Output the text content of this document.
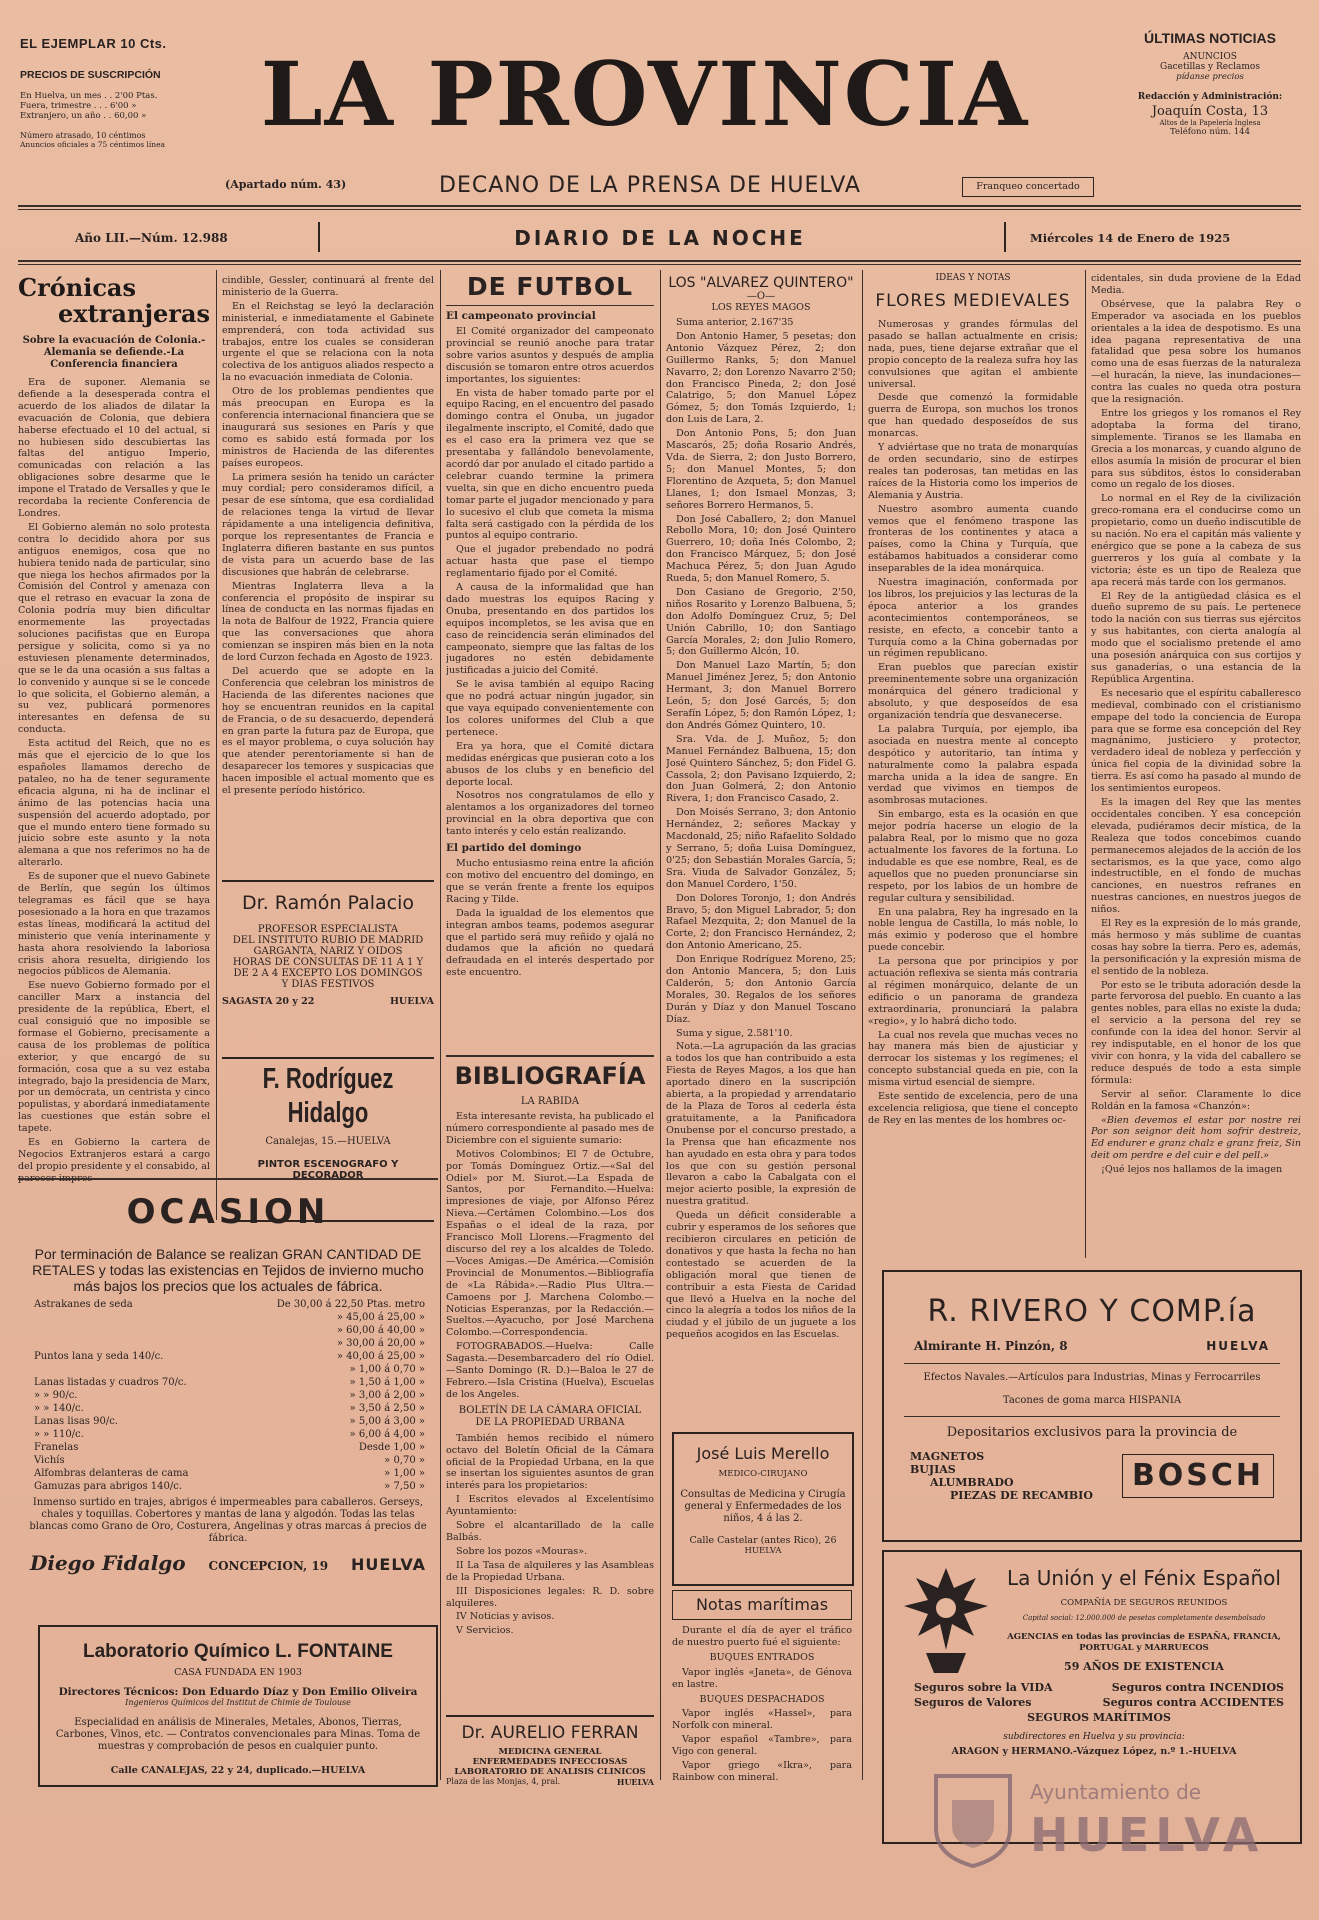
EL EJEMPLAR 10 Cts.
PRECIOS DE SUSCRIPCIÓN
En Huelva, un mes . . 2'00 Ptas.
Fuera, trimestre . . . 6'00 »
Extranjero, un año . . 60,00 »
Número atrasado, 10 céntimos
Anuncios oficiales a 75 céntimos línea	LA PROVINCIA
(Apartado núm. 43)	DECANO DE LA PRENSA DE HUELVA	Franqueo concertado
ÚLTIMAS NOTICIAS
ANUNCIOS
Gacetillas y Reclamos
pídanse precios
Redacción y Administración:
Joaquín Costa, 13
Altos de la Papelería Inglesa
Teléfono núm. 144
Año LII.—Núm. 12.988	DIARIO DE LA NOCHE	Miércoles 14 de Enero de 1925
Crónicas
extranjeras
Sobre la evacuación de Colonia.- Alemania se defiende.-La Conferencia financiera

Era de suponer. Alemania se defiende a la desesperada contra el acuerdo de los aliados de dilatar la evacuación de Colonia, que debiera haberse efectuado el 10 del actual, si no hubiesen sido descubiertas las faltas del antiguo Imperio, comunicadas con relación a las obligaciones sobre desarme que le impone el Tratado de Versalles y que le recordaba la reciente Conferencia de Londres.

El Gobierno alemán no solo protesta contra lo decidido ahora por sus antiguos enemigos, cosa que no hubiera tenido nada de particular, sino que niega los hechos afirmados por la Comisión del Control y amenaza con que el retraso en evacuar la zona de Colonia podría muy bien dificultar enormemente las proyectadas soluciones pacifistas que en Europa persigue y solicita, como si ya no estuviesen plenamente determinados, que se le da una ocasión a sus faltas a lo convenido y aunque si se le concede lo que solicita, el Gobierno alemán, a su vez, publicará pormenores interesantes en defensa de su conducta.

Esta actitud del Reich, que no es más que el ejercicio de lo que los españoles llamamos derecho de pataleo, no ha de tener seguramente eficacia alguna, ni ha de inclinar el ánimo de las potencias hacia una suspensión del acuerdo adoptado, por que el mundo entero tiene formado su juicio sobre este asunto y la nota alemana a que nos referimos no ha de alterarlo.

Es de suponer que el nuevo Gabinete de Berlín, que según los últimos telegramas es fácil que se haya posesionado a la hora en que trazamos estas líneas, modificará la actitud del ministerio que venía interinamente y hasta ahora resolviendo la laboriosa crisis ahora resuelta, dirigiendo los negocios públicos de Alemania.

Ese nuevo Gobierno formado por el canciller Marx a instancia del presidente de la república, Ebert, el cual consiguió que no imposible se formase el Gobierno, precisamente a causa de los problemas de política exterior, y que encargó de su formación, cosa que a su vez estaba integrado, bajo la presidencia de Marx, por un demócrata, un centrista y cinco populistas, y abordará inmediatamente las cuestiones que están sobre el tapete.

Es en Gobierno la cartera de Negocios Extranjeros estará a cargo del propio presidente y el consabido, al parecer impres-

cindible, Gessler, continuará al frente del ministerio de la Guerra.

En el Reichstag se leyó la declaración ministerial, e inmediatamente el Gabinete emprenderá, con toda actividad sus trabajos, entre los cuales se consideran urgente el que se relaciona con la nota colectiva de los antiguos aliados respecto a la no evacuación inmediata de Colonia.

Otro de los problemas pendientes que más preocupan en Europa es la conferencia internacional financiera que se inaugurará sus sesiones en París y que como es sabido está formada por los ministros de Hacienda de las diferentes países europeos.

La primera sesión ha tenido un carácter muy cordial; pero consideramos difícil, a pesar de ese síntoma, que esa cordialidad de relaciones tenga la virtud de llevar rápidamente a una inteligencia definitiva, porque los representantes de Francia e Inglaterra difieren bastante en sus puntos de vista para un acuerdo base de las discusiones que habrán de celebrarse.

Mientras Inglaterra lleva a la conferencia el propósito de inspirar su línea de conducta en las normas fijadas en la nota de Balfour de 1922, Francia quiere que las conversaciones que ahora comienzan se inspiren más bien en la nota de lord Curzon fechada en Agosto de 1923.

Del acuerdo que se adopte en la Conferencia que celebran los ministros de Hacienda de las diferentes naciones que hoy se encuentran reunidos en la capital de Francia, o de su desacuerdo, dependerá en gran parte la futura paz de Europa, que es el mayor problema, o cuya solución hay que atender perentoriamente si han de desaparecer los temores y suspicacias que hacen imposible el actual momento que es el presente período histórico.

Dr. Ramón Palacio
PROFESOR ESPECIALISTA
DEL INSTITUTO RUBIO DE MADRID
GARGANTA, NARIZ Y OIDOS
HORAS DE CONSULTAS DE 11 A 1 Y
DE 2 A 4 EXCEPTO LOS DOMINGOS
Y DIAS FESTIVOS
SAGASTA 20 y 22	HUELVA
F. Rodríguez Hidalgo
Canalejas, 15.—HUELVA
PINTOR ESCENOGRAFO Y DECORADOR
OCASION
Por terminación de Balance se realizan GRAN CANTIDAD DE RETALES y todas las existencias en Tejidos de invierno mucho más bajos los precios que los actuales de fábrica.
Astrakanes de seda	De 30,00 á 22,50 Ptas. metro
	» 45,00 á 25,00 »
	» 60,00 á 40,00 »
	» 30,00 á 20,00 »
Puntos lana y seda 140/c.	» 40,00 á 25,00 »
	» 1,00 á 0,70 »
Lanas listadas y cuadros 70/c.	» 1,50 á 1,00 »
» » 90/c.	» 3,00 á 2,00 »
» » 140/c.	» 3,50 á 2,50 »
Lanas lisas 90/c.	» 5,00 á 3,00 »
» » 110/c.	» 6,00 á 4,00 »
Franelas	Desde 1,00 »
Vichís	» 0,70 »
Alfombras delanteras de cama	» 1,00 »
Gamuzas para abrigos 140/c.	» 7,50 »
Inmenso surtido en trajes, abrigos é impermeables para caballeros. Gerseys, chales y toquillas. Cobertores y mantas de lana y algodón. Todas las telas blancas como Grano de Oro, Costurera, Angelinas y otras marcas á precios de fábrica.
Diego Fidalgo CONCEPCION, 19 HUELVA
Laboratorio Químico L. FONTAINE
CASA FUNDADA EN 1903
Directores Técnicos: Don Eduardo Díaz y Don Emilio Oliveira
Ingenieros Químicos del Institut de Chimie de Toulouse
Especialidad en análisis de Minerales, Metales, Abonos, Tierras, Carbones, Vinos, etc. — Contratos convencionales para Minas. Toma de muestras y comprobación de pesos en cualquier punto.
Calle CANALEJAS, 22 y 24, duplicado.—HUELVA
DE FUTBOL
El campeonato provincial

El Comité organizador del campeonato provincial se reunió anoche para tratar sobre varios asuntos y después de amplia discusión se tomaron entre otros acuerdos importantes, los siguientes:

En vista de haber tomado parte por el equipo Racing, en el encuentro del pasado domingo contra el Onuba, un jugador ilegalmente inscripto, el Comité, dado que es el caso era la primera vez que se presentaba y fallándolo benevolamente, acordó dar por anulado el citado partido a celebrar cuando termine la primera vuelta, sin que en dicho encuentro pueda tomar parte el jugador mencionado y para lo sucesivo el club que cometa la misma falta será castigado con la pérdida de los puntos al equipo contrario.

Que el jugador prebendado no podrá actuar hasta que pase el tiempo reglamentario fijado por el Comité.

A causa de la informalidad que han dado muestras los equipos Racing y Onuba, presentando en dos partidos los equipos incompletos, se les avisa que en caso de reincidencia serán eliminados del campeonato, siempre que las faltas de los jugadores no estén debidamente justificadas a juicio del Comité.

Se le avisa también al equipo Racing que no podrá actuar ningún jugador, sin que vaya equipado convenientemente con los colores uniformes del Club a que pertenece.

Era ya hora, que el Comité dictara medidas enérgicas que pusieran coto a los abusos de los clubs y en beneficio del deporte local.

Nosotros nos congratulamos de ello y alentamos a los organizadores del torneo provincial en la obra deportiva que con tanto interés y celo están realizando.

El partido del domingo

Mucho entusiasmo reina entre la afición con motivo del encuentro del domingo, en que se verán frente a frente los equipos Racing y Tilde.

Dada la igualdad de los elementos que integran ambos teams, podemos asegurar que el partido será muy reñido y ojalá no dudamos que la afición no quedará defraudada en el interés despertado por este encuentro.

BIBLIOGRAFÍA
LA RABIDA

Esta interesante revista, ha publicado el número correspondiente al pasado mes de Diciembre con el siguiente sumario:

Motivos Colombinos; El 7 de Octubre, por Tomás Domínguez Ortiz.—«Sal del Odiel» por M. Siurot.—La Espada de Santos, por Fernandito.—Huelva: impresiones de viaje, por Alfonso Pérez Nieva.—Certámen Colombino.—Los dos Españas o el ideal de la raza, por Francisco Moll Llorens.—Fragmento del discurso del rey a los alcaldes de Toledo.—Voces Amigas.—De América.—Comisión Provincial de Monumentos.—Bibliografía de «La Rábida».—Radio Plus Ultra.—Camoens por J. Marchena Colombo.—Noticias Esperanzas, por la Redacción.—Sueltos.—Ayacucho, por José Marchena Colombo.—Correspondencia.

FOTOGRABADOS.—Huelva: Calle Sagasta.—Desembarcadero del río Odiel.—Santo Domingo (R. D.)—Baloa le 27 de Febrero.—Isla Cristina (Huelva), Escuelas de los Angeles.

BOLETÍN DE LA CÁMARA OFICIAL DE LA PROPIEDAD URBANA

También hemos recibido el número octavo del Boletín Oficial de la Cámara oficial de la Propiedad Urbana, en la que se insertan los siguientes asuntos de gran interés para los propietarios:

I Escritos elevados al Excelentísimo Ayuntamiento:

Sobre el alcantarillado de la calle Balbás.

Sobre los pozos «Mouras».

II La Tasa de alquileres y las Asambleas de la Propiedad Urbana.

III Disposiciones legales: R. D. sobre alquileres.

IV Noticias y avisos.

V Servicios.

Dr. AURELIO FERRAN
MEDICINA GENERAL
ENFERMEDADES INFECCIOSAS
LABORATORIO DE ANALISIS CLINICOS
Plaza de las Monjas, 4, pral.	HUELVA
LOS "ALVAREZ QUINTERO"
—O—
LOS REYES MAGOS

Suma anterior, 2.167'35

Don Antonio Hamer, 5 pesetas; don Antonio Vázquez Pérez, 2; don Guillermo Ranks, 5; don Manuel Navarro, 2; don Lorenzo Navarro 2'50; don Francisco Pineda, 2; don José Calatrigo, 5; don Manuel López Gómez, 5; don Tomás Izquierdo, 1; don Luis de Lara, 2.

Don Antonio Pons, 5; don Juan Mascarós, 25; doña Rosario Andrés, Vda. de Sierra, 2; don Justo Borrero, 5; don Manuel Montes, 5; don Florentino de Azqueta, 5; don Manuel Llanes, 1; don Ismael Monzas, 3; señores Borrero Hermanos, 5.

Don José Caballero, 2; don Manuel Rebollo Mora, 10; don José Quintero Guerrero, 10; doña Inés Colombo, 2; don Francisco Márquez, 5; don José Machuca Pérez, 5; don Juan Agudo Rueda, 5; don Manuel Romero, 5.

Don Casiano de Gregorio, 2'50, niños Rosarito y Lorenzo Balbuena, 5; don Adolfo Domínguez Cruz, 5; Del Unión Cabrillo, 10; don Santiago García Morales, 2; don Julio Romero, 5; don Guillermo Alcón, 10.

Don Manuel Lazo Martín, 5; don Manuel Jiménez Jerez, 5; don Antonio Hermant, 3; don Manuel Borrero León, 5; don José Garcés, 5; don Serafín López, 5; don Ramón López, 1; don Andrés Gómez Quintero, 10.

Sra. Vda. de J. Muñoz, 5; don Manuel Fernández Balbuena, 15; don José Quintero Sánchez, 5; don Fidel G. Cassola, 2; don Pavisano Izquierdo, 2; don Juan Golmerá, 2; don Antonio Rivera, 1; don Francisco Casado, 2.

Don Moisés Serrano, 3; don Antonio Hernández, 2; señores Mackay y Macdonald, 25; niño Rafaelito Soldado y Serrano, 5; doña Luisa Domínguez, 0'25; don Sebastián Morales García, 5; Sra. Viuda de Salvador González, 5; don Manuel Cordero, 1'50.

Don Dolores Toronjo, 1; don Andrés Bravo, 5; don Miguel Labrador, 5; don Rafael Mezquita, 2; don Manuel de la Corte, 2; don Francisco Hernández, 2; don Antonio Americano, 25.

Don Enrique Rodríguez Moreno, 25; don Antonio Mancera, 5; don Luis Calderón, 5; don Antonio García Morales, 30. Regalos de los señores Durán y Díaz y don Manuel Toscano Díaz.

Suma y sigue, 2.581'10.

Nota.—La agrupación da las gracias a todos los que han contribuido a esta Fiesta de Reyes Magos, a los que han aportado dinero en la suscripción abierta, a la propiedad y arrendatario de la Plaza de Toros al cederla ésta gratuitamente, a la Panificadora Onubense por el concurso prestado, a la Prensa que han eficazmente nos han ayudado en esta obra y para todos los que con su gestión personal llevaron a cabo la Cabalgata con el mejor acierto posible, la expresión de nuestra gratitud.

Queda un déficit considerable a cubrir y esperamos de los señores que recibieron circulares en petición de donativos y que hasta la fecha no han contestado se acuerden de la obligación moral que tienen de contribuir a esta Fiesta de Caridad que llevó a Huelva en la noche del cinco la alegría a todos los niños de la ciudad y el júbilo de un juguete a los pequeños acogidos en las Escuelas.

José Luis Merello
MEDICO-CIRUJANO
Consultas de Medicina y Cirugía general y Enfermedades de los niños, 4 á las 2.
Calle Castelar (antes Rico), 26
HUELVA
Notas marítimas

Durante el día de ayer el tráfico de nuestro puerto fué el siguiente:

BUQUES ENTRADOS

Vapor inglés «Janeta», de Génova en lastre.

BUQUES DESPACHADOS

Vapor inglés «Hassel», para Norfolk con mineral.

Vapor español «Tambre», para Vigo con general.

Vapor griego «Ikra», para Rainbow con mineral.

IDEAS Y NOTAS
FLORES MEDIEVALES

Numerosas y grandes fórmulas del pasado se hallan actualmente en crisis; nada, pues, tiene dejarse extrañar que el propio concepto de la realeza sufra hoy las convulsiones que agitan el ambiente universal.

Desde que comenzó la formidable guerra de Europa, son muchos los tronos que han quedado desposeídos de sus monarcas.

Y adviértase que no trata de monarquías de orden secundario, sino de estirpes reales tan poderosas, tan metidas en las raíces de la Historia como los imperios de Alemania y Austria.

Nuestro asombro aumenta cuando vemos que el fenómeno traspone las fronteras de los continentes y ataca a países, como la China y Turquía, que estábamos habituados a considerar como inseparables de la idea monárquica.

Nuestra imaginación, conformada por los libros, los prejuicios y las lecturas de la época anterior a los grandes acontecimientos contemporáneos, se resiste, en efecto, a concebir tanto a Turquía como a la China gobernadas por un régimen republicano.

Eran pueblos que parecían existir preeminentemente sobre una organización monárquica del género tradicional y absoluto, y que desposeídos de esa organización tendría que desvanecerse.

La palabra Turquía, por ejemplo, iba asociada en nuestra mente al concepto despótico y autoritario, tan íntima y naturalmente como la palabra espada marcha unida a la idea de sangre. En verdad que vivimos en tiempos de asombrosas mutaciones.

Sin embargo, esta es la ocasión en que mejor podría hacerse un elogio de la palabra Real, por lo mismo que no goza actualmente los favores de la fortuna. Lo indudable es que ese nombre, Real, es de aquellos que no pueden pronunciarse sin respeto, por los labios de un hombre de regular cultura y sensibilidad.

En una palabra, Rey ha ingresado en la noble lengua de Castilla, lo más noble, lo más eximio y poderoso que el hombre puede concebir.

La persona que por principios y por actuación reflexiva se sienta más contraria al régimen monárquico, delante de un edificio o un panorama de grandeza extraordinaria, pronunciará la palabra «regio», y lo habrá dicho todo.

La cual nos revela que muchas veces no hay manera más bien de ajusticiar y derrocar los sistemas y los regímenes; el concepto substancial queda en pie, con la misma virtud esencial de siempre.

Este sentido de excelencia, pero de una excelencia religiosa, que tiene el concepto de Rey en las mentes de los hombres oc-

cidentales, sin duda proviene de la Edad Media.

Obsérvese, que la palabra Rey o Emperador va asociada en los pueblos orientales a la idea de despotismo. Es una idea pagana representativa de una fatalidad que pesa sobre los humanos como una de esas fuerzas de la naturaleza—el huracán, la nieve, las inundaciones—contra las cuales no queda otra postura que la resignación.

Entre los griegos y los romanos el Rey adoptaba la forma del tirano, simplemente. Tiranos se les llamaba en Grecia a los monarcas, y cuando alguno de ellos asumía la misión de procurar el bien para sus súbditos, éstos lo consideraban como un regalo de los dioses.

Lo normal en el Rey de la civilización greco-romana era el conducirse como un propietario, como un dueño indiscutible de su nación. No era el capitán más valiente y enérgico que se pone a la cabeza de sus guerreros y los guía al combate y la victoria; éste es un tipo de Realeza que apa recerá más tarde con los germanos.

El Rey de la antigüedad clásica es el dueño supremo de su país. Le pertenece todo la nación con sus tierras sus ejércitos y sus habitantes, con cierta analogía al modo que el socialismo pretende el amo una posesión anárquica con sus cortijos y sus ganaderías, o una estancia de la República Argentina.

Es necesario que el espíritu caballeresco medieval, combinado con el cristianismo empape del todo la conciencia de Europa para que se forme esa concepción del Rey magnánimo, justiciero y protector, verdadero ideal de nobleza y perfección y única fiel copia de la divinidad sobre la tierra. Es así como ha pasado al mundo de los sentimientos europeos.

Es la imagen del Rey que las mentes occidentales conciben. Y esa concepción elevada, pudiéramos decir mística, de la Realeza que todos concebimos cuando permanecemos alejados de la acción de los sectarismos, es la que yace, como algo indestructible, en el fondo de muchas canciones, en nuestros refranes en nuestras canciones, en nuestros juegos de niños.

El Rey es la expresión de lo más grande, más hermoso y más sublime de cuantas cosas hay sobre la tierra. Pero es, además, la personificación y la expresión misma de el sentido de la nobleza.

Por esto se le tributa adoración desde la parte fervorosa del pueblo. En cuanto a las gentes nobles, para ellas no existe la duda; el servicio a la persona del rey se confunde con la idea del honor. Servir al rey indisputable, en el honor de los que vivir con honra, y la vida del caballero se reduce después de todo a esta simple fórmula:

Servir al señor. Claramente lo dice Roldán en la famosa «Chanzón»:

«Bien devemos el estar por nostre rei Por son seignor deit hom sofrir destreiz, Ed endurer e granz chalz e granz freiz, Sin deit om perdre e del cuir e del pell.»

¡Qué lejos nos hallamos de la imagen

R. RIVERO Y COMP.ía
Almirante H. Pinzón, 8	HUELVA
Efectos Navales.—Artículos para Industrias, Minas y Ferrocarriles
Tacones de goma marca HISPANIA
Depositarios exclusivos para la provincia de
MAGNETOS
BUJIAS
ALUMBRADO
PIEZAS DE RECAMBIO
BOSCH
La Unión y el Fénix Español
COMPAÑÍA DE SEGUROS REUNIDOS
Capital social: 12.000.000 de pesetas completamente desembolsado
AGENCIAS en todas las provincias de ESPAÑA, FRANCIA, PORTUGAL y MARRUECOS
59 AÑOS DE EXISTENCIA
Seguros sobre la VIDA	Seguros contra INCENDIOS
Seguros de Valores	Seguros contra ACCIDENTES
SEGUROS MARÍTIMOS
subdirectores en Huelva y su provincia:
ARAGON y HERMANO.-Vázquez López, n.º 1.-HUELVA
Ayuntamiento de
HUELVA
